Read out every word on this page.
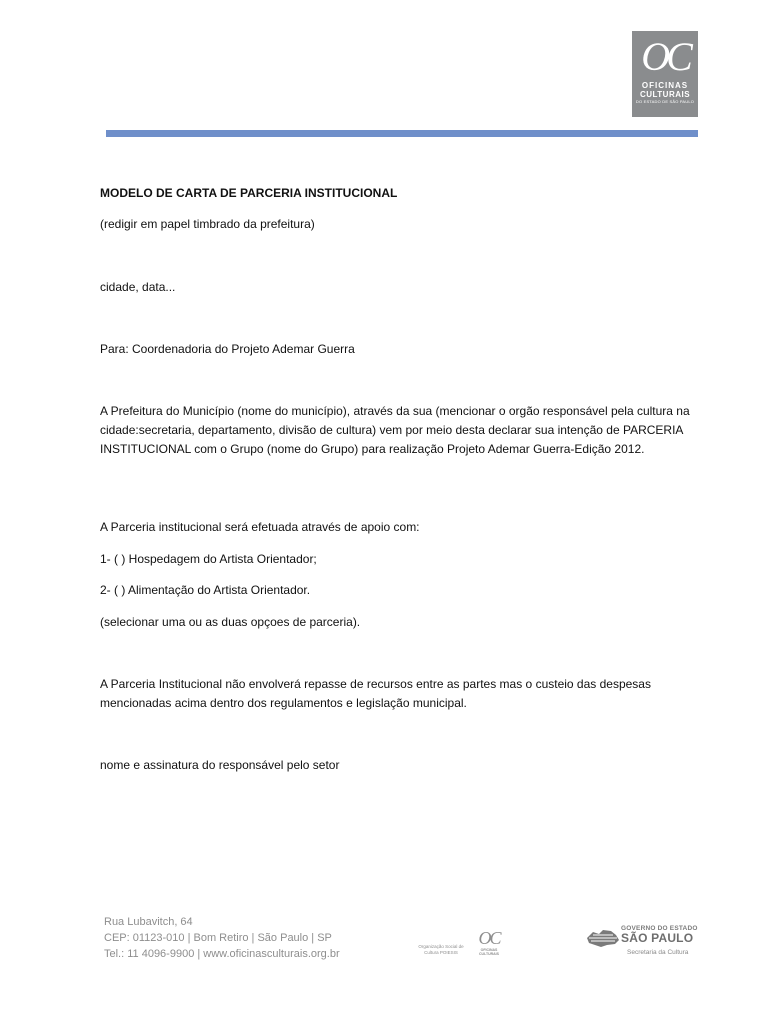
OC
OFICINAS
CULTURAIS
DO ESTADO DE SÃO PAULO

MODELO DE CARTA DE PARCERIA INSTITUCIONAL

(redigir em papel timbrado da prefeitura)

cidade, data...

Para: Coordenadoria do Projeto Ademar Guerra

A Prefeitura do Município (nome do município), através da sua (mencionar o orgão responsável pela cultura na cidade:secretaria, departamento, divisão de cultura) vem por meio desta declarar sua intenção de PARCERIA INSTITUCIONAL com o Grupo (nome do Grupo) para realização Projeto Ademar Guerra-Edição 2012.

A Parceria institucional será efetuada através de apoio com:

1- ( ) Hospedagem do Artista Orientador;

2- ( ) Alimentação do Artista Orientador.

(selecionar uma ou as duas opçoes de parceria).

A Parceria Institucional não envolverá repasse de recursos entre as partes mas o custeio das despesas mencionadas acima dentro dos regulamentos e legislação municipal.

nome e assinatura do responsável pelo setor

Rua Lubavitch, 64
CEP: 01123-010 | Bom Retiro | São Paulo | SP
Tel.: 11 4096-9900 | www.oficinasculturais.org.br
Organização Social de Cultura POIESIS
OC
OFICINAS CULTURAIS
GOVERNO DO ESTADO
SÃO PAULO
Secretaria da Cultura
